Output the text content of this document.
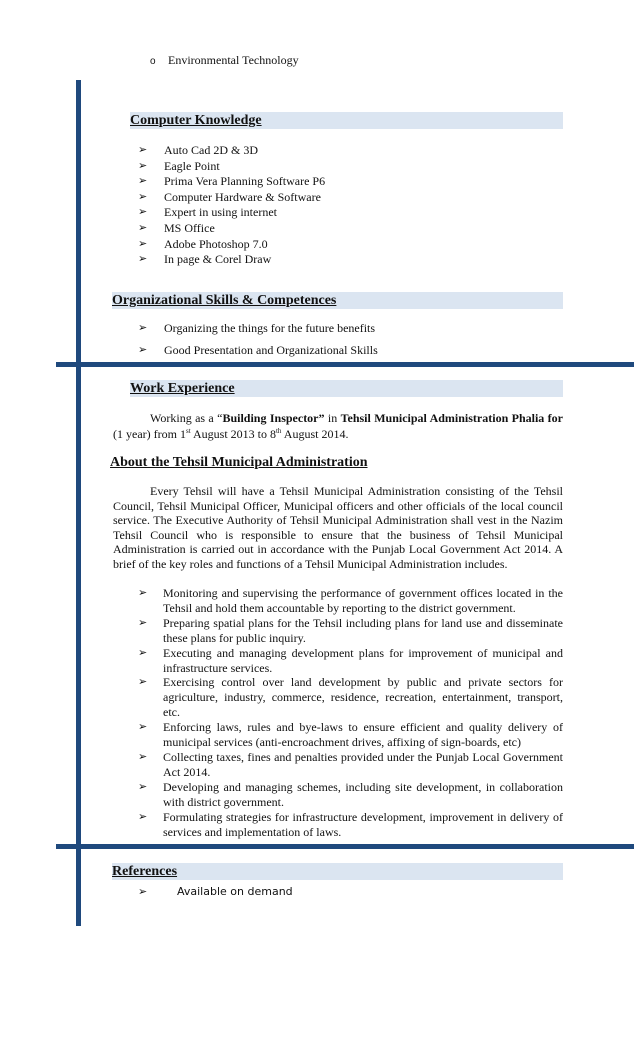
o Environmental Technology
Computer Knowledge
➢ Auto Cad 2D & 3D
➢ Eagle Point
➢ Prima Vera Planning Software P6
➢ Computer Hardware & Software
➢ Expert in using internet
➢ MS Office
➢ Adobe Photoshop 7.0
➢ In page & Corel Draw
Organizational Skills & Competences
➢ Organizing the things for the future benefits
➢ Good Presentation and Organizational Skills
Work Experience

Working as a “Building Inspector” in Tehsil Municipal Administration Phalia for (1 year) from 1st August 2013 to 8th August 2014.

About the Tehsil Municipal Administration

Every Tehsil will have a Tehsil Municipal Administration consisting of the Tehsil Council, Tehsil Municipal Officer, Municipal officers and other officials of the local council service. The Executive Authority of Tehsil Municipal Administration shall vest in the Nazim Tehsil Council who is responsible to ensure that the business of Tehsil Municipal Administration is carried out in accordance with the Punjab Local Government Act 2014. A brief of the key roles and functions of a Tehsil Municipal Administration includes.

➢ Monitoring and supervising the performance of government offices located in the Tehsil and hold them accountable by reporting to the district government.
➢ Preparing spatial plans for the Tehsil including plans for land use and disseminate these plans for public inquiry.
➢ Executing and managing development plans for improvement of municipal and infrastructure services.
➢ Exercising control over land development by public and private sectors for agriculture, industry, commerce, residence, recreation, entertainment, transport, etc.
➢ Enforcing laws, rules and bye-laws to ensure efficient and quality delivery of municipal services (anti-encroachment drives, affixing of sign-boards, etc)
➢ Collecting taxes, fines and penalties provided under the Punjab Local Government Act 2014.
➢ Developing and managing schemes, including site development, in collaboration with district government.
➢ Formulating strategies for infrastructure development, improvement in delivery of services and implementation of laws.
References
➢	Available on demand
